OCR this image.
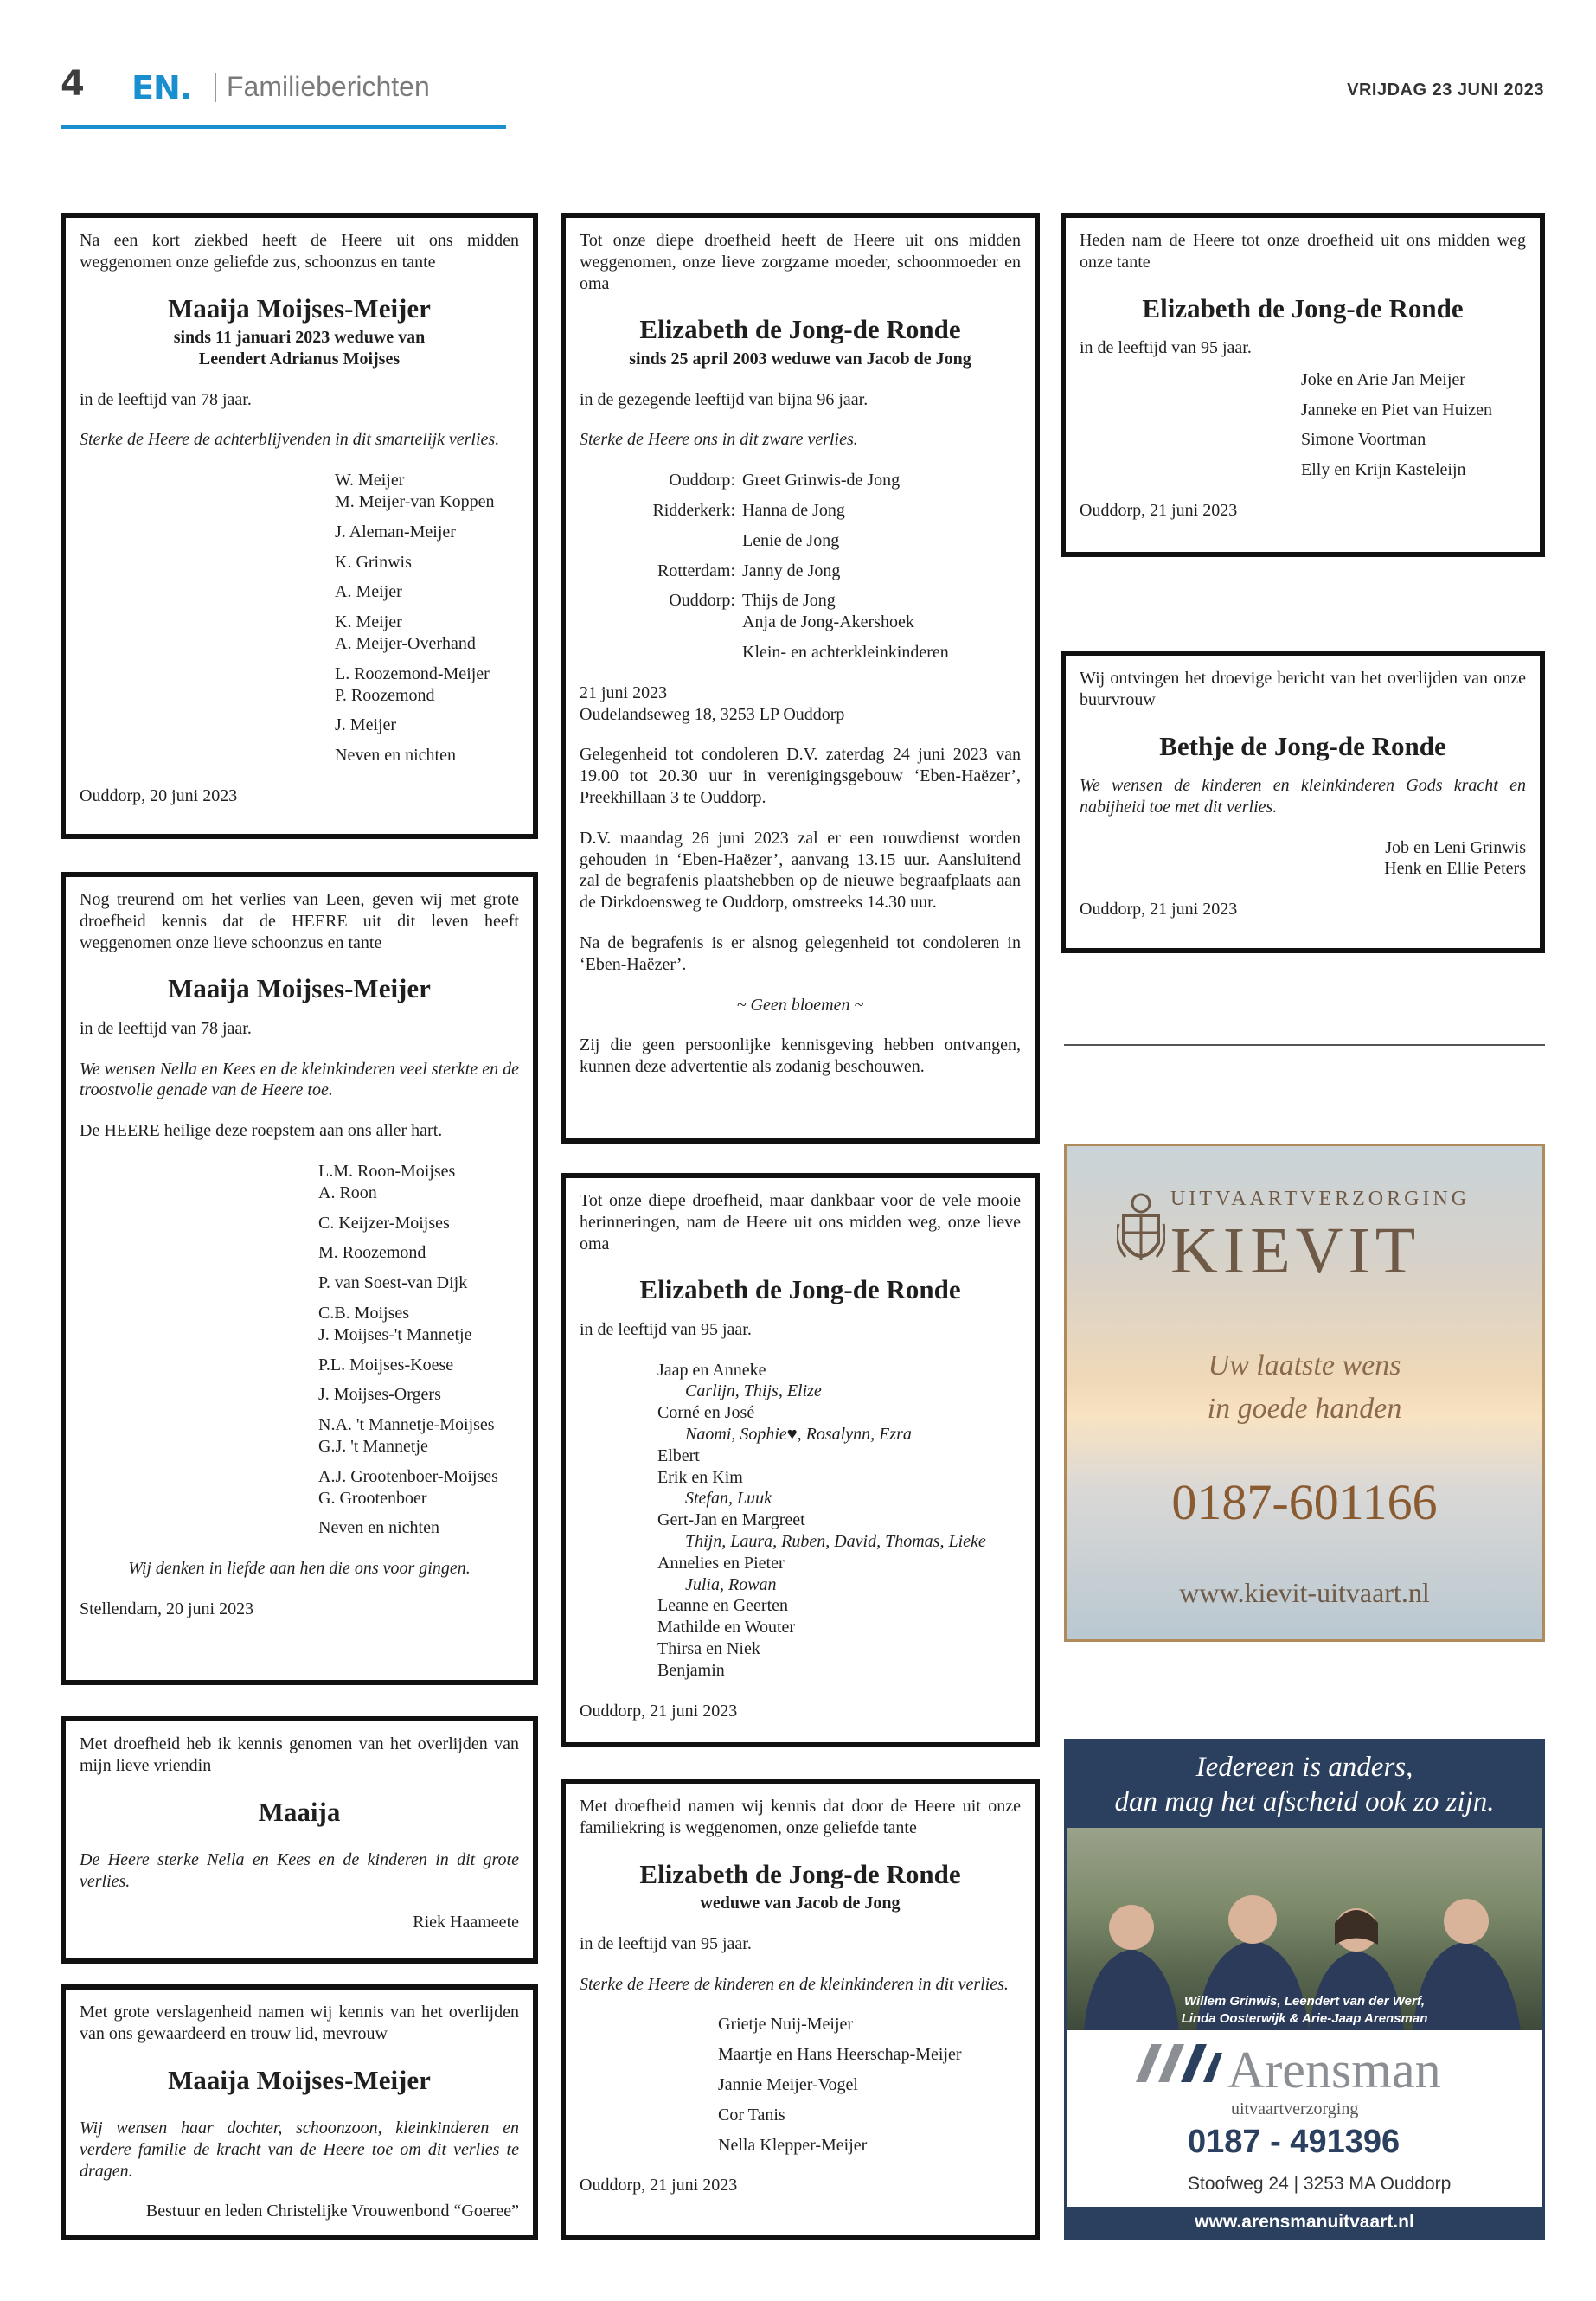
4 EN. Familieberichten	VRIJDAG 23 JUNI 2023

Na een kort ziekbed heeft de Heere uit ons midden weggenomen onze geliefde zus, schoonzus en tante

Maaija Moijses-Meijer

sinds 11 januari 2023 weduwe van

Leendert Adrianus Moijses

in de leeftijd van 78 jaar.

Sterke de Heere de achterblijvenden in dit smartelijk verlies.

W. Meijer
M. Meijer-van Koppen
J. Aleman-Meijer
K. Grinwis
A. Meijer
K. Meijer
A. Meijer-Overhand
L. Roozemond-Meijer
P. Roozemond
J. Meijer
Neven en nichten

Ouddorp, 20 juni 2023

Nog treurend om het verlies van Leen, geven wij met grote droefheid kennis dat de HEERE uit dit leven heeft weggenomen onze lieve schoonzus en tante

Maaija Moijses-Meijer

in de leeftijd van 78 jaar.

We wensen Nella en Kees en de kleinkinderen veel sterkte en de troostvolle genade van de Heere toe.

De HEERE heilige deze roepstem aan ons aller hart.

L.M. Roon-Moijses
A. Roon
C. Keijzer-Moijses
M. Roozemond
P. van Soest-van Dijk
C.B. Moijses
J. Moijses-'t Mannetje
P.L. Moijses-Koese
J. Moijses-Orgers
N.A. 't Mannetje-Moijses
G.J. 't Mannetje
A.J. Grootenboer-Moijses
G. Grootenboer
Neven en nichten

Wij denken in liefde aan hen die ons voor gingen.

Stellendam, 20 juni 2023

Met droefheid heb ik kennis genomen van het overlijden van mijn lieve vriendin

Maaija

De Heere sterke Nella en Kees en de kinderen in dit grote verlies.

Riek Haameete

Met grote verslagenheid namen wij kennis van het overlijden van ons gewaardeerd en trouw lid, mevrouw

Maaija Moijses-Meijer

Wij wensen haar dochter, schoonzoon, kleinkinderen en verdere familie de kracht van de Heere toe om dit verlies te dragen.

Bestuur en leden Christelijke Vrouwenbond “Goeree”

Tot onze diepe droefheid heeft de Heere uit ons midden weggenomen, onze lieve zorgzame moeder, schoonmoeder en oma

Elizabeth de Jong-de Ronde

sinds 25 april 2003 weduwe van Jacob de Jong

in de gezegende leeftijd van bijna 96 jaar.

Sterke de Heere ons in dit zware verlies.

Ouddorp: Greet Grinwis-de Jong
Ridderkerk: Hanna de Jong
Lenie de Jong
Rotterdam: Janny de Jong
Ouddorp: Thijs de Jong
Anja de Jong-Akershoek
Klein- en achterkleinkinderen

21 juni 2023

Oudelandseweg 18, 3253 LP Ouddorp

Gelegenheid tot condoleren D.V. zaterdag 24 juni 2023 van 19.00 tot 20.30 uur in verenigingsgebouw ‘Eben-Haëzer’, Preekhillaan 3 te Ouddorp.

D.V. maandag 26 juni 2023 zal er een rouwdienst worden gehouden in ‘Eben-Haëzer’, aanvang 13.15 uur. Aansluitend zal de begrafenis plaatshebben op de nieuwe begraafplaats aan de Dirkdoensweg te Ouddorp, omstreeks 14.30 uur.

Na de begrafenis is er alsnog gelegenheid tot condoleren in ‘Eben-Haëzer’.

~ Geen bloemen ~

Zij die geen persoonlijke kennisgeving hebben ontvangen, kunnen deze advertentie als zodanig beschouwen.

Tot onze diepe droefheid, maar dankbaar voor de vele mooie herinneringen, nam de Heere uit ons midden weg, onze lieve oma

Elizabeth de Jong-de Ronde

in de leeftijd van 95 jaar.

Jaap en Anneke
Carlijn, Thijs, Elize
Corné en José
Naomi, Sophie♥, Rosalynn, Ezra
Elbert
Erik en Kim
Stefan, Luuk
Gert-Jan en Margreet
Thijn, Laura, Ruben, David, Thomas, Lieke
Annelies en Pieter
Julia, Rowan
Leanne en Geerten
Mathilde en Wouter
Thirsa en Niek
Benjamin

Ouddorp, 21 juni 2023

Met droefheid namen wij kennis dat door de Heere uit onze familiekring is weggenomen, onze geliefde tante

Elizabeth de Jong-de Ronde

weduwe van Jacob de Jong

in de leeftijd van 95 jaar.

Sterke de Heere de kinderen en de kleinkinderen in dit verlies.

Grietje Nuij-Meijer
Maartje en Hans Heerschap-Meijer
Jannie Meijer-Vogel
Cor Tanis
Nella Klepper-Meijer

Ouddorp, 21 juni 2023

Heden nam de Heere tot onze droefheid uit ons midden weg onze tante

Elizabeth de Jong-de Ronde

in de leeftijd van 95 jaar.

Joke en Arie Jan Meijer
Janneke en Piet van Huizen
Simone Voortman
Elly en Krijn Kasteleijn

Ouddorp, 21 juni 2023

Wij ontvingen het droevige bericht van het overlijden van onze buurvrouw

Bethje de Jong-de Ronde

We wensen de kinderen en kleinkinderen Gods kracht en nabijheid toe met dit verlies.

Job en Leni Grinwis

Henk en Ellie Peters

Ouddorp, 21 juni 2023

UITVAARTVERZORGING
KIEVIT
Uw laatste wens
in goede handen
0187-601166
www.kievit-uitvaart.nl
Iedereen is anders,
dan mag het afscheid ook zo zijn.
Willem Grinwis, Leendert van der Werf,
Linda Oosterwijk & Arie-Jaap Arensman
Arensman
uitvaartverzorging
0187 - 491396
Stoofweg 24 | 3253 MA Ouddorp
www.arensmanuitvaart.nl
